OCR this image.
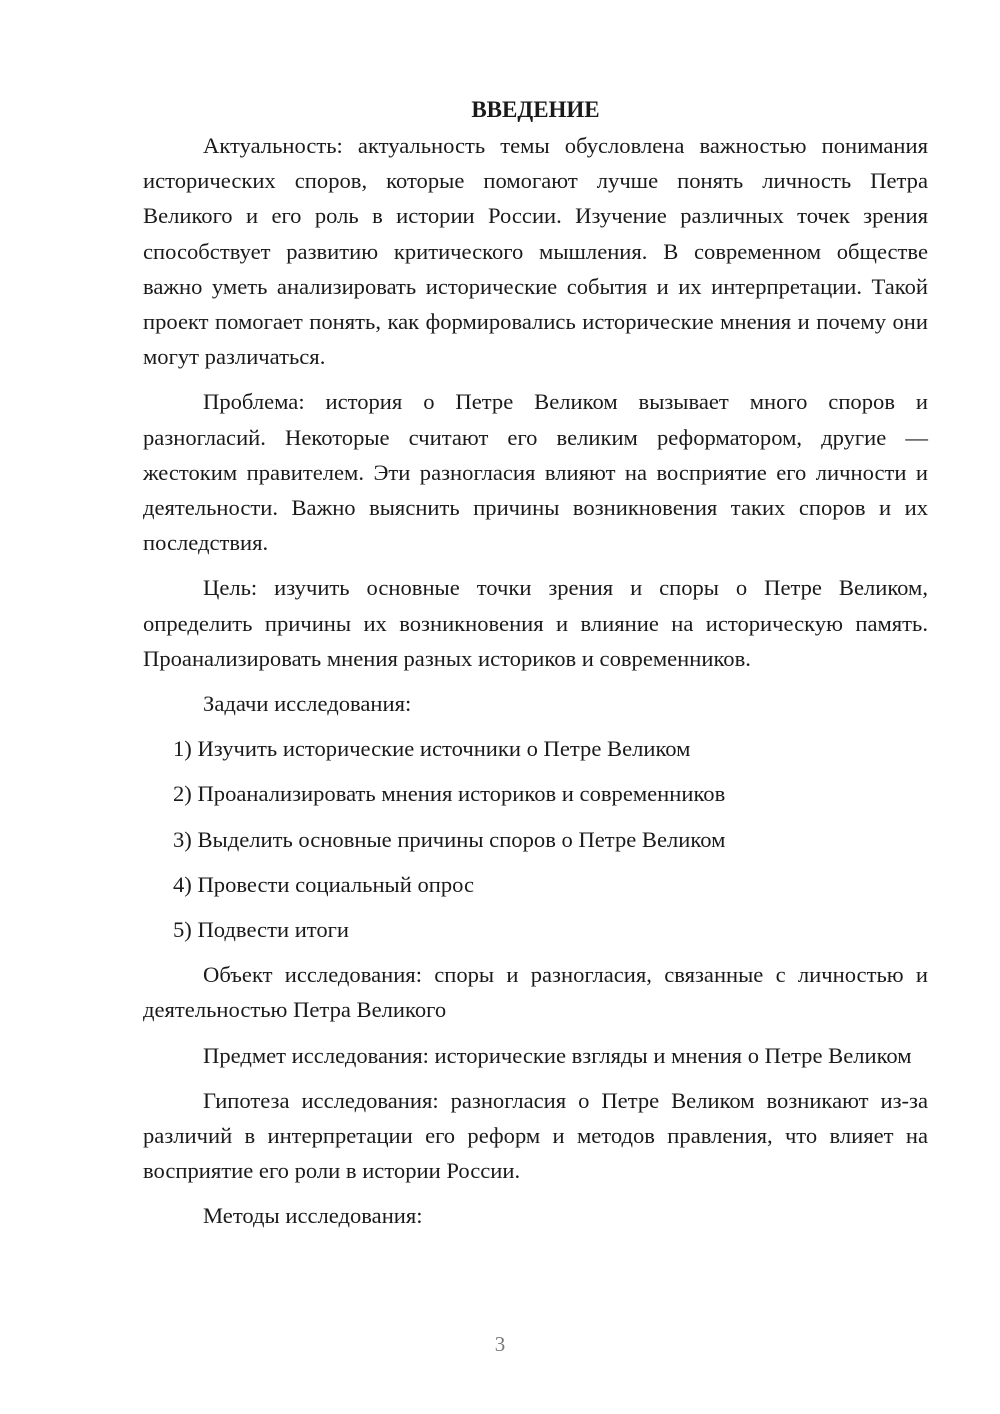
ВВЕДЕНИЕ

Актуальность: актуальность темы обусловлена важностью понимания исторических споров, которые помогают лучше понять личность Петра Великого и его роль в истории России. Изучение различных точек зрения способствует развитию критического мышления. В современном обществе важно уметь анализировать исторические события и их интерпретации. Такой проект помогает понять, как формировались исторические мнения и почему они могут различаться.

Проблема: история о Петре Великом вызывает много споров и разногласий. Некоторые считают его великим реформатором, другие — жестоким правителем. Эти разногласия влияют на восприятие его личности и деятельности. Важно выяснить причины возникновения таких споров и их последствия.

Цель: изучить основные точки зрения и споры о Петре Великом, определить причины их возникновения и влияние на историческую память. Проанализировать мнения разных историков и современников.

Задачи исследования:

1) Изучить исторические источники о Петре Великом
2) Проанализировать мнения историков и современников
3) Выделить основные причины споров о Петре Великом
4) Провести социальный опрос
5) Подвести итоги

Объект исследования: споры и разногласия, связанные с личностью и деятельностью Петра Великого

Предмет исследования: исторические взгляды и мнения о Петре Великом

Гипотеза исследования: разногласия о Петре Великом возникают из-за различий в интерпретации его реформ и методов правления, что влияет на восприятие его роли в истории России.

Методы исследования:

3
